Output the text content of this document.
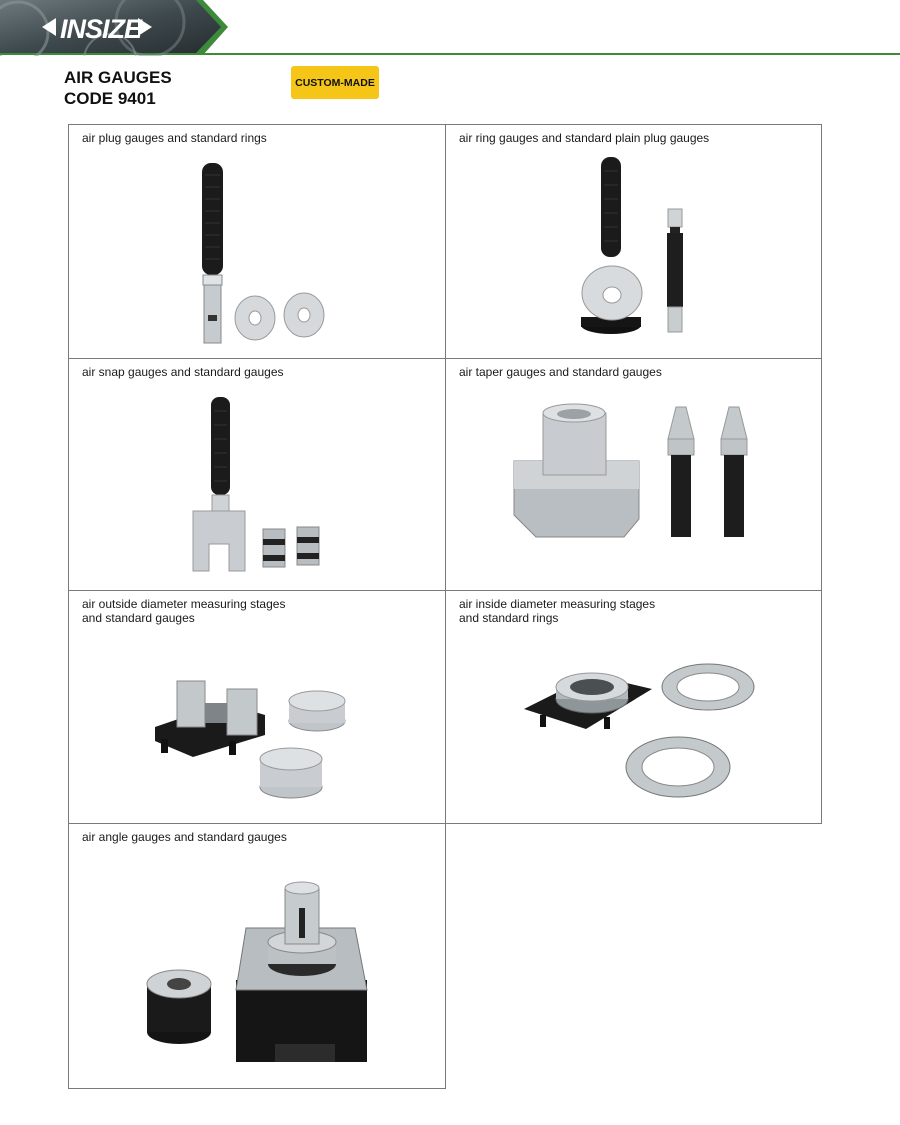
INSIZE
AIR GAUGES
CODE 9401
CUSTOM-MADE
air plug gauges and standard rings	air ring gauges and standard plain plug gauges
air snap gauges and standard gauges	air taper gauges and standard gauges
air outside diameter measuring stages
and standard gauges
air inside diameter measuring stages
and standard rings
air angle gauges and standard gauges
